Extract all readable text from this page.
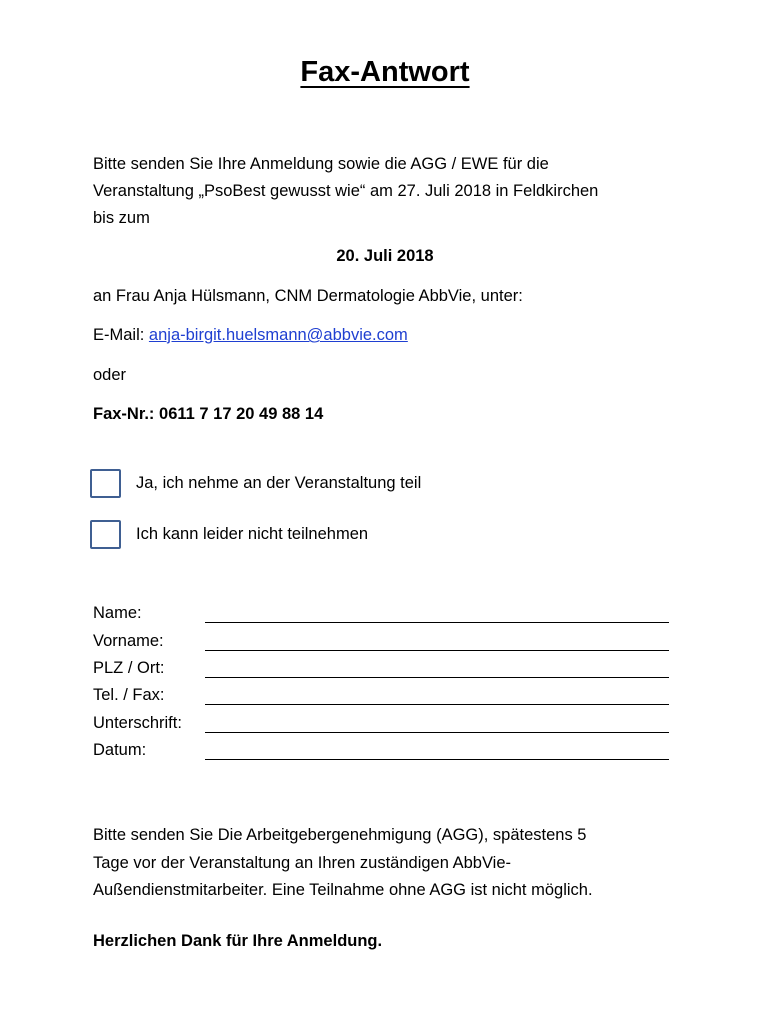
Fax-Antwort
Bitte senden Sie Ihre Anmeldung sowie die AGG / EWE für die
Veranstaltung „PsoBest gewusst wie“ am 27. Juli 2018 in Feldkirchen
bis zum
20. Juli 2018
an Frau Anja Hülsmann, CNM Dermatologie AbbVie, unter:
E-Mail: anja-birgit.huelsmann@abbvie.com
oder
Fax-Nr.: 0611 7 17 20 49 88 14
Ja, ich nehme an der Veranstaltung teil
Ich kann leider nicht teilnehmen
Name:
Vorname:
PLZ / Ort:
Tel. / Fax:
Unterschrift:
Datum:
Bitte senden Sie Die Arbeitgebergenehmigung (AGG), spätestens 5
Tage vor der Veranstaltung an Ihren zuständigen AbbVie-
Außendienstmitarbeiter. Eine Teilnahme ohne AGG ist nicht möglich.
Herzlichen Dank für Ihre Anmeldung.
